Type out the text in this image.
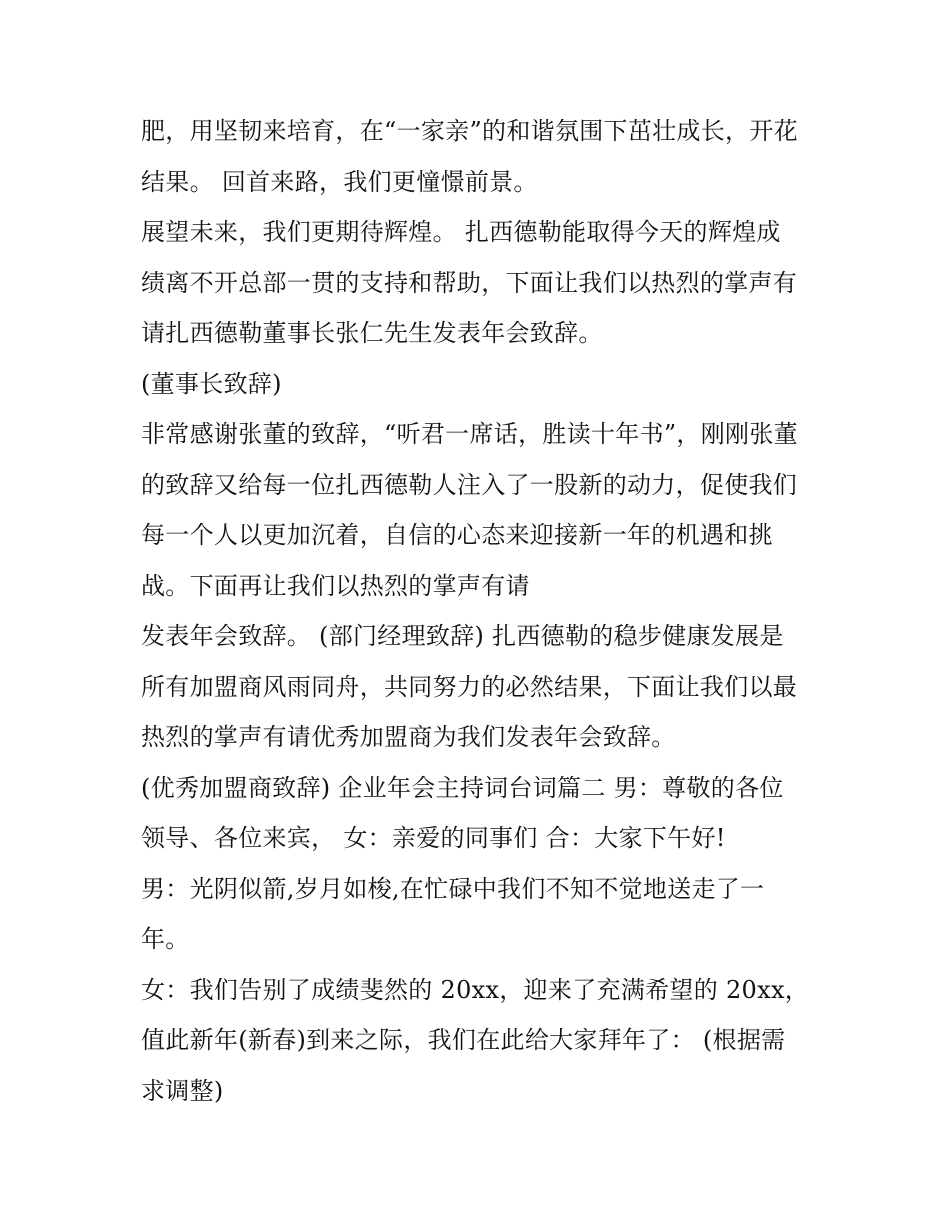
肥，用坚韧来培育，在“一家亲”的和谐氛围下茁壮成长，开花
结果。 回首来路，我们更憧憬前景。
展望未来，我们更期待辉煌。 扎西德勒能取得今天的辉煌成
绩离不开总部一贯的支持和帮助，下面让我们以热烈的掌声有
请扎西德勒董事长张仁先生发表年会致辞。
(董事长致辞)
非常感谢张董的致辞，“听君一席话，胜读十年书”，刚刚张董
的致辞又给每一位扎西德勒人注入了一股新的动力，促使我们
每一个人以更加沉着，自信的心态来迎接新一年的机遇和挑
战。下面再让我们以热烈的掌声有请
发表年会致辞。 (部门经理致辞) 扎西德勒的稳步健康发展是
所有加盟商风雨同舟，共同努力的必然结果，下面让我们以最
热烈的掌声有请优秀加盟商为我们发表年会致辞。
(优秀加盟商致辞) 企业年会主持词台词篇二 男：尊敬的各位
领导、各位来宾， 女：亲爱的同事们 合：大家下午好!
男：光阴似箭,岁月如梭,在忙碌中我们不知不觉地送走了一
年。
女：我们告别了成绩斐然的 20xx，迎来了充满希望的 20xx，
值此新年(新春)到来之际，我们在此给大家拜年了： (根据需
求调整)
